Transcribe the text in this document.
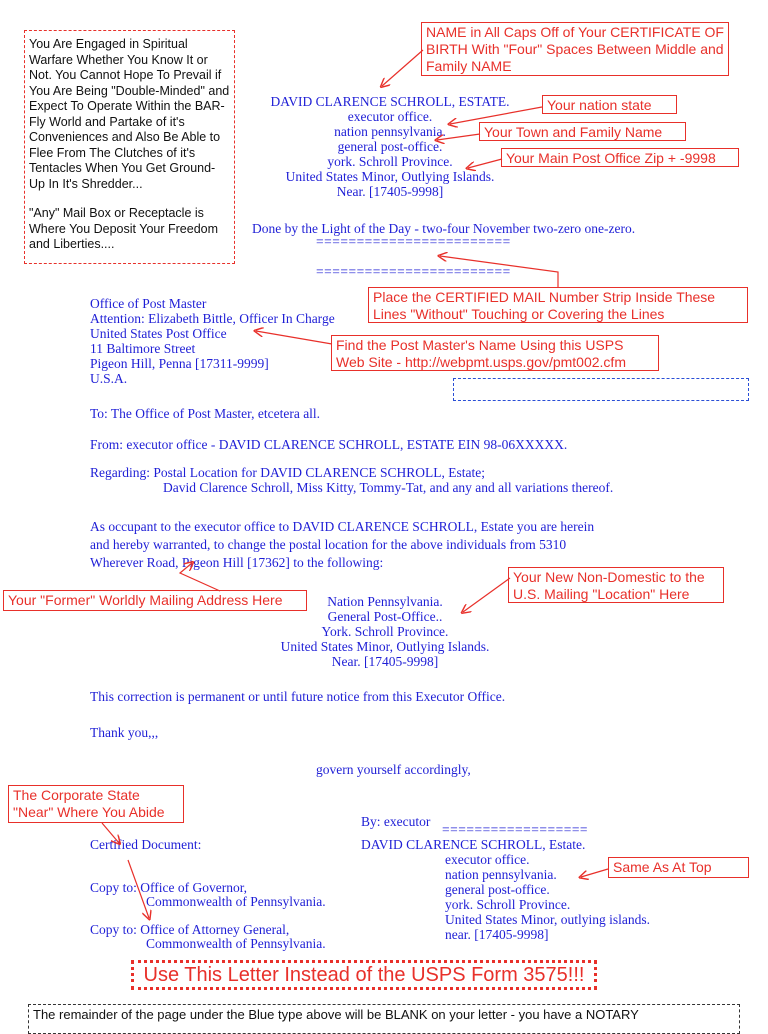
You Are Engaged in Spiritual Warfare Whether You Know It or Not. You Cannot Hope To Prevail if You Are Being "Double-Minded" and Expect To Operate Within the BAR-Fly World and Partake of it's Conveniences and Also Be Able to Flee From The Clutches of it's Tentacles When You Get Ground-Up In It's Shredder...

"Any" Mail Box or Receptacle is Where You Deposit Your Freedom and Liberties....

NAME in All Caps Off of Your CERTIFICATE OF BIRTH With "Four" Spaces Between Middle and Family NAME
Your nation state
Your Town and Family Name
Your Main Post Office Zip + -9998
Place the CERTIFIED MAIL Number Strip Inside These Lines "Without" Touching or Covering the Lines
Find the Post Master's Name Using this USPS Web Site - http://webpmt.usps.gov/pmt002.cfm
Your "Former" Worldly Mailing Address Here
Your New Non-Domestic to the U.S. Mailing "Location" Here
The Corporate State "Near" Where You Abide
Same As At Top
DAVID CLARENCE SCHROLL, ESTATE.
executor office.
nation pennsylvania.
general post-office.
york. Schroll Province.
United States Minor, Outlying Islands.
Near. [17405-9998]
Done by the Light of the Day - two-four November two-zero one-zero.
========================
========================
Office of Post Master
Attention: Elizabeth Bittle, Officer In Charge
United States Post Office
11 Baltimore Street
Pigeon Hill, Penna [17311-9999]
U.S.A.
To: The Office of Post Master, etcetera all.
From: executor office - DAVID CLARENCE SCHROLL, ESTATE EIN 98-06XXXXX.
Regarding: Postal Location for DAVID CLARENCE SCHROLL, Estate;
David Clarence Schroll, Miss Kitty, Tommy-Tat, and any and all variations thereof.
As occupant to the executor office to DAVID CLARENCE SCHROLL, Estate you are herein
and hereby warranted, to change the postal location for the above individuals from 5310
Wherever Road, Pigeon Hill [17362] to the following:
Nation Pennsylvania.
General Post-Office..
York. Schroll Province.
United States Minor, Outlying Islands.
Near. [17405-9998]
This correction is permanent or until future notice from this Executor Office.
Thank you,,,
govern yourself accordingly,
By: executor
==================
DAVID CLARENCE SCHROLL, Estate.
executor office.
nation pennsylvania.
general post-office.
york. Schroll Province.
United States Minor, outlying islands.
near. [17405-9998]
Certified Document:
Copy to: Office of Governor,
Commonwealth of Pennsylvania.
Copy to: Office of Attorney General,
Commonwealth of Pennsylvania.
Use This Letter Instead of the USPS Form 3575!!!
The remainder of the page under the Blue type above will be BLANK on your letter - you have a NOTARY
